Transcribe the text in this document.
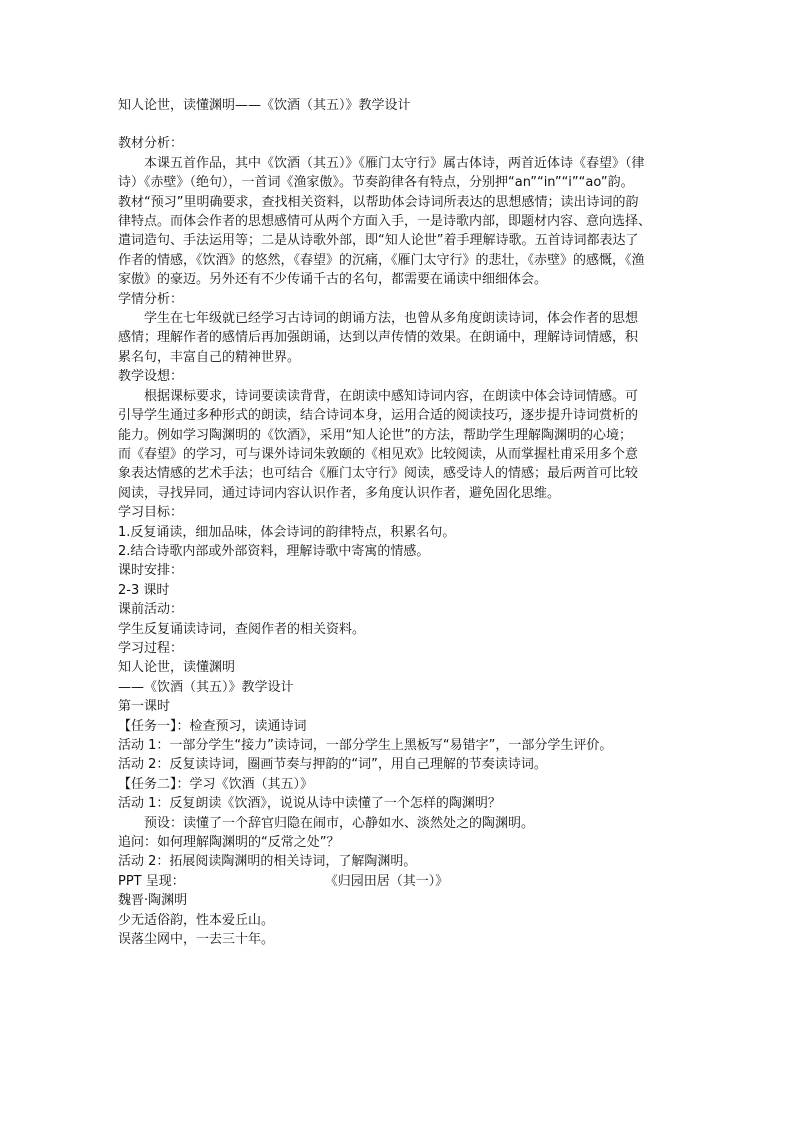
知人论世，读懂渊明——《饮酒（其五）》教学设计
教材分析：
本课五首作品，其中《饮酒（其五）》《雁门太守行》属古体诗，两首近体诗《春望》（律
诗）《赤壁》（绝句），一首词《渔家傲》。节奏韵律各有特点，分别押“an”“in”“i”“ao”韵。
教材“预习”里明确要求，查找相关资料，以帮助体会诗词所表达的思想感情；读出诗词的韵
律特点。而体会作者的思想感情可从两个方面入手，一是诗歌内部，即题材内容、意向选择、
遣词造句、手法运用等；二是从诗歌外部，即“知人论世”着手理解诗歌。五首诗词都表达了
作者的情感，《饮酒》的悠然，《春望》的沉痛，《雁门太守行》的悲壮，《赤壁》的感慨，《渔
家傲》的豪迈。另外还有不少传诵千古的名句，都需要在诵读中细细体会。
学情分析：
学生在七年级就已经学习古诗词的朗诵方法，也曾从多角度朗读诗词，体会作者的思想
感情；理解作者的感情后再加强朗诵，达到以声传情的效果。在朗诵中，理解诗词情感，积
累名句，丰富自己的精神世界。
教学设想：
根据课标要求，诗词要读读背背，在朗读中感知诗词内容，在朗读中体会诗词情感。可
引导学生通过多种形式的朗读，结合诗词本身，运用合适的阅读技巧，逐步提升诗词赏析的
能力。例如学习陶渊明的《饮酒》，采用“知人论世”的方法，帮助学生理解陶渊明的心境；
而《春望》的学习，可与课外诗词朱敦颐的《相见欢》比较阅读，从而掌握杜甫采用多个意
象表达情感的艺术手法；也可结合《雁门太守行》阅读，感受诗人的情感；最后两首可比较
阅读，寻找异同，通过诗词内容认识作者，多角度认识作者，避免固化思维。
学习目标：
1.反复诵读，细加品味，体会诗词的韵律特点，积累名句。
2.结合诗歌内部或外部资料，理解诗歌中寄寓的情感。
课时安排：
2-3 课时
课前活动：
学生反复诵读诗词，查阅作者的相关资料。
学习过程：
知人论世，读懂渊明
——《饮酒（其五）》教学设计
第一课时
【任务一】：检查预习，读通诗词
活动 1：一部分学生“接力”读诗词，一部分学生上黑板写“易错字”，一部分学生评价。
活动 2：反复读诗词，圈画节奏与押韵的“词”，用自己理解的节奏读诗词。
【任务二】：学习《饮酒（其五）》
活动 1：反复朗读《饮酒》，说说从诗中读懂了一个怎样的陶渊明？
预设：读懂了一个辞官归隐在闹市，心静如水、淡然处之的陶渊明。
追问：如何理解陶渊明的“反常之处”？
活动 2：拓展阅读陶渊明的相关诗词，了解陶渊明。
PPT 呈现：	《归园田居（其一）》
魏晋·陶渊明
少无适俗韵，性本爱丘山。
误落尘网中，一去三十年。
